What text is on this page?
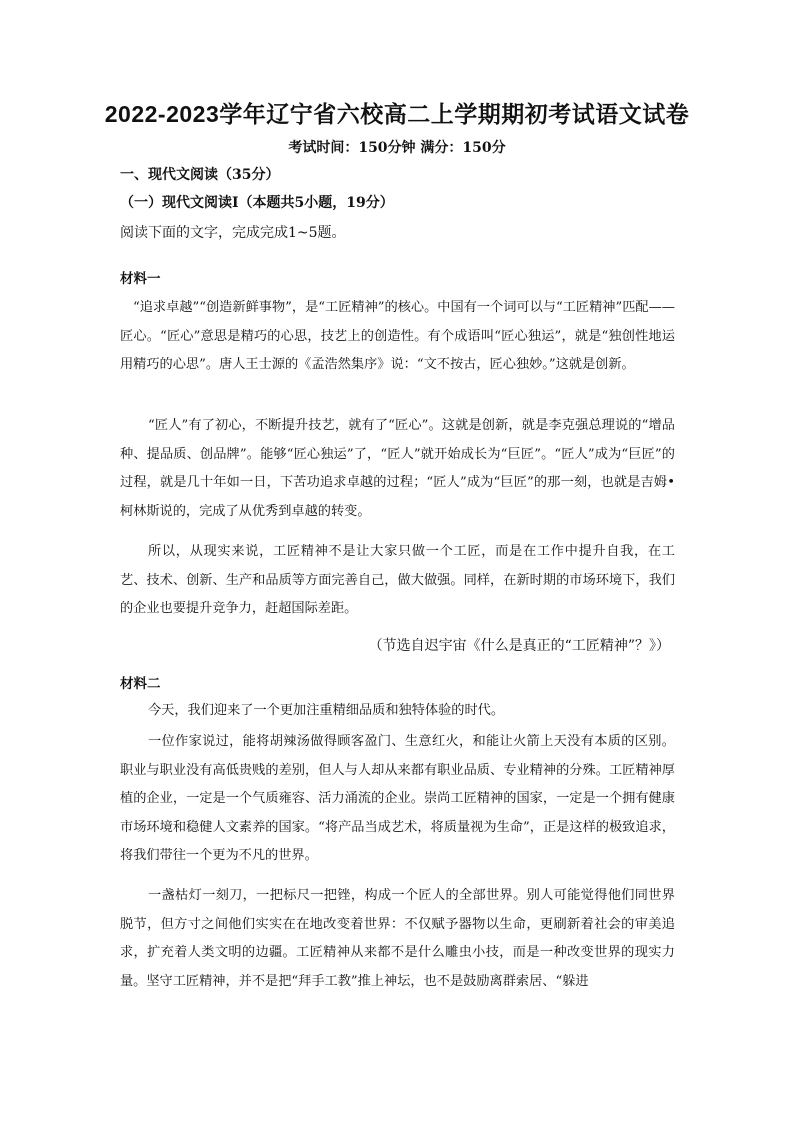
2022-2023学年辽宁省六校高二上学期期初考试语文试卷
考试时间：150分钟 满分：150分
一、现代文阅读（35分）
（一）现代文阅读Ⅰ（本题共5小题，19分）
阅读下面的文字，完成完成1~5题。
材料一

“追求卓越”“创造新鲜事物”，是“工匠精神”的核心。中国有一个词可以与“工匠精神”匹配——匠心。“匠心”意思是精巧的心思，技艺上的创造性。有个成语叫“匠心独运”，就是“独创性地运用精巧的心思”。唐人王士源的《孟浩然集序》说：“文不按古，匠心独妙。”这就是创新。

“匠人”有了初心，不断提升技艺，就有了“匠心”。这就是创新，就是李克强总理说的“增品种、提品质、创品牌”。能够“匠心独运”了，“匠人”就开始成长为“巨匠”。“匠人”成为“巨匠”的过程，就是几十年如一日，下苦功追求卓越的过程；“匠人”成为“巨匠”的那一刻，也就是吉姆•柯林斯说的，完成了从优秀到卓越的转变。

所以，从现实来说，工匠精神不是让大家只做一个工匠，而是在工作中提升自我，在工艺、技术、创新、生产和品质等方面完善自己，做大做强。同样，在新时期的市场环境下，我们的企业也要提升竞争力，赶超国际差距。

（节选自迟宇宙《什么是真正的“工匠精神”？》）
材料二

今天，我们迎来了一个更加注重精细品质和独特体验的时代。

一位作家说过，能将胡辣汤做得顾客盈门、生意红火，和能让火箭上天没有本质的区别。职业与职业没有高低贵贱的差别，但人与人却从来都有职业品质、专业精神的分殊。工匠精神厚植的企业，一定是一个气质雍容、活力涌流的企业。崇尚工匠精神的国家，一定是一个拥有健康市场环境和稳健人文素养的国家。“将产品当成艺术，将质量视为生命”，正是这样的极致追求，将我们带往一个更为不凡的世界。

一盏枯灯一刻刀，一把标尺一把锉，构成一个匠人的全部世界。别人可能觉得他们同世界脱节，但方寸之间他们实实在在地改变着世界：不仅赋予器物以生命，更刷新着社会的审美追求，扩充着人类文明的边疆。工匠精神从来都不是什么雕虫小技，而是一种改变世界的现实力量。坚守工匠精神，并不是把“拜手工教”推上神坛，也不是鼓励离群索居、“躲进
